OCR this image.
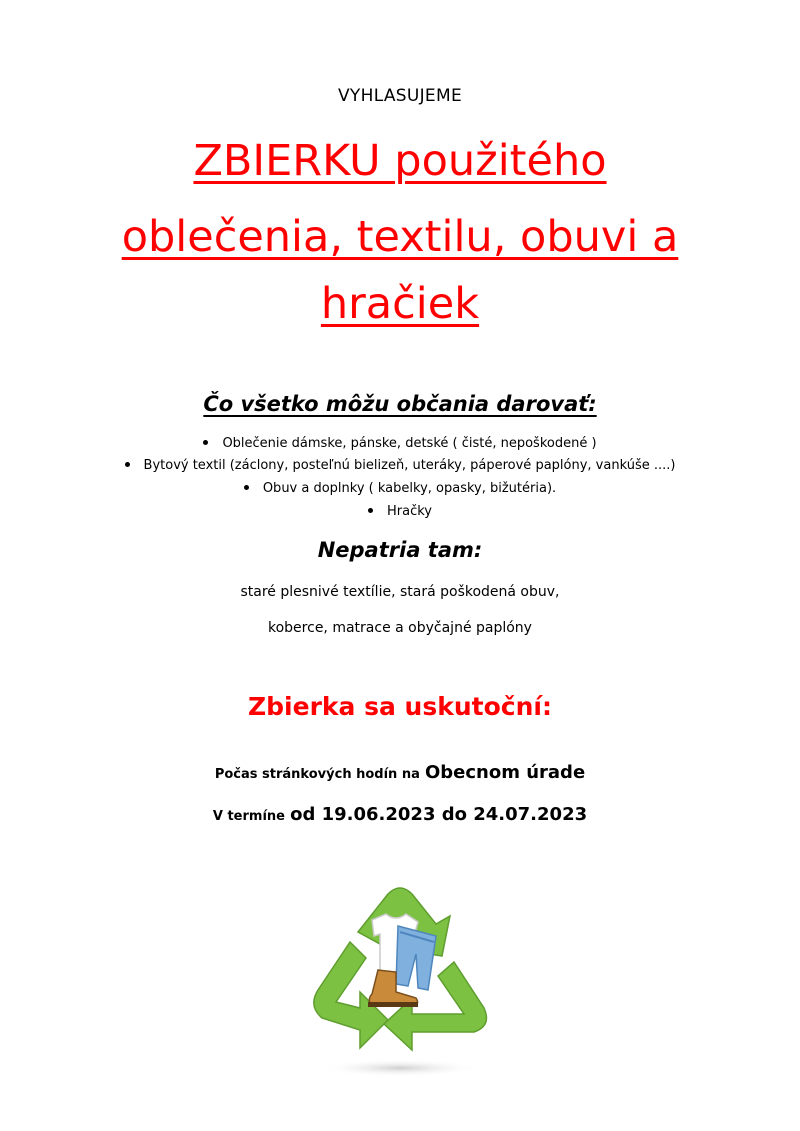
VYHLASUJEME
ZBIERKU použitého
oblečenia, textilu, obuvi a
hračiek
Čo všetko môžu občania darovať:
Oblečenie dámske, pánske, detské ( čisté, nepoškodené )
Bytový textil (záclony, posteľnú bielizeň, uteráky, páperové paplóny, vankúše ....)
Obuv a doplnky ( kabelky, opasky, bižutéria).
Hračky
Nepatria tam:
staré plesnivé textílie, stará poškodená obuv,
koberce, matrace a obyčajné paplóny
Zbierka sa uskutoční:
Počas stránkových hodín na Obecnom úrade
V termíne od 19.06.2023 do 24.07.2023
